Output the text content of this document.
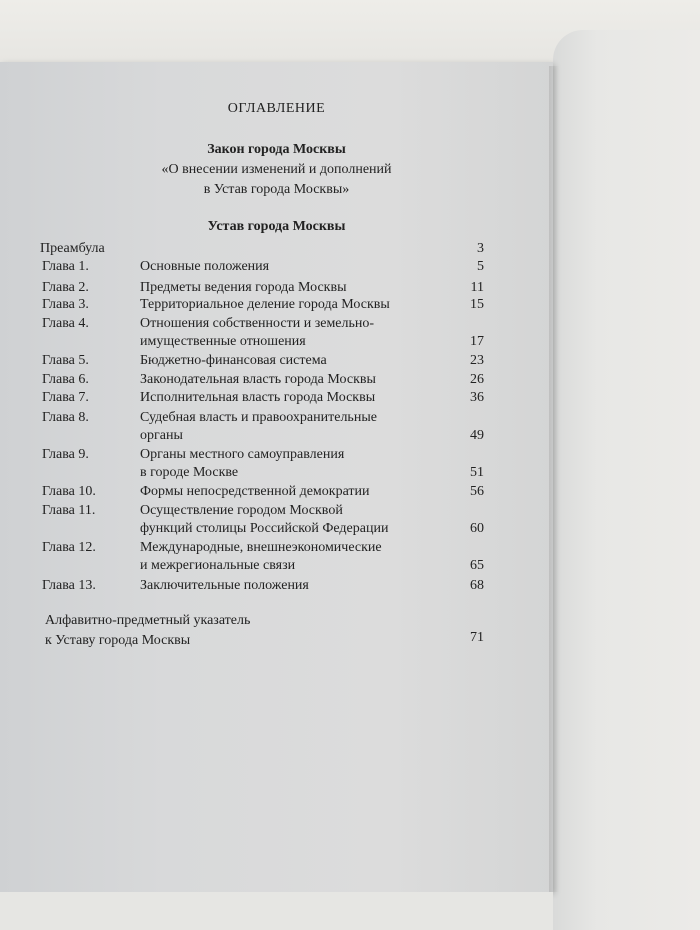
ОГЛАВЛЕНИЕ
Закон города Москвы
«О внесении изменений и дополнений
в Устав города Москвы»
Устав города Москвы
Преамбула	3
Глава 1.	Основные положения	5
Глава 2.	Предметы ведения города Москвы	11
Глава 3.	Территориальное деление города Москвы	15
Глава 4.	Отношения собственности и земельно-
имущественные отношения	17
Глава 5.	Бюджетно-финансовая система	23
Глава 6.	Законодательная власть города Москвы	26
Глава 7.	Исполнительная власть города Москвы	36
Глава 8.	Судебная власть и правоохранительные
органы	49
Глава 9.	Органы местного самоуправления
в городе Москве	51
Глава 10.	Формы непосредственной демократии	56
Глава 11.	Осуществление городом Москвой
функций столицы Российской Федерации	60
Глава 12.	Международные, внешнеэкономические
и межрегиональные связи	65
Глава 13.	Заключительные положения	68
Алфавитно-предметный указатель
к Уставу города Москвы	71
